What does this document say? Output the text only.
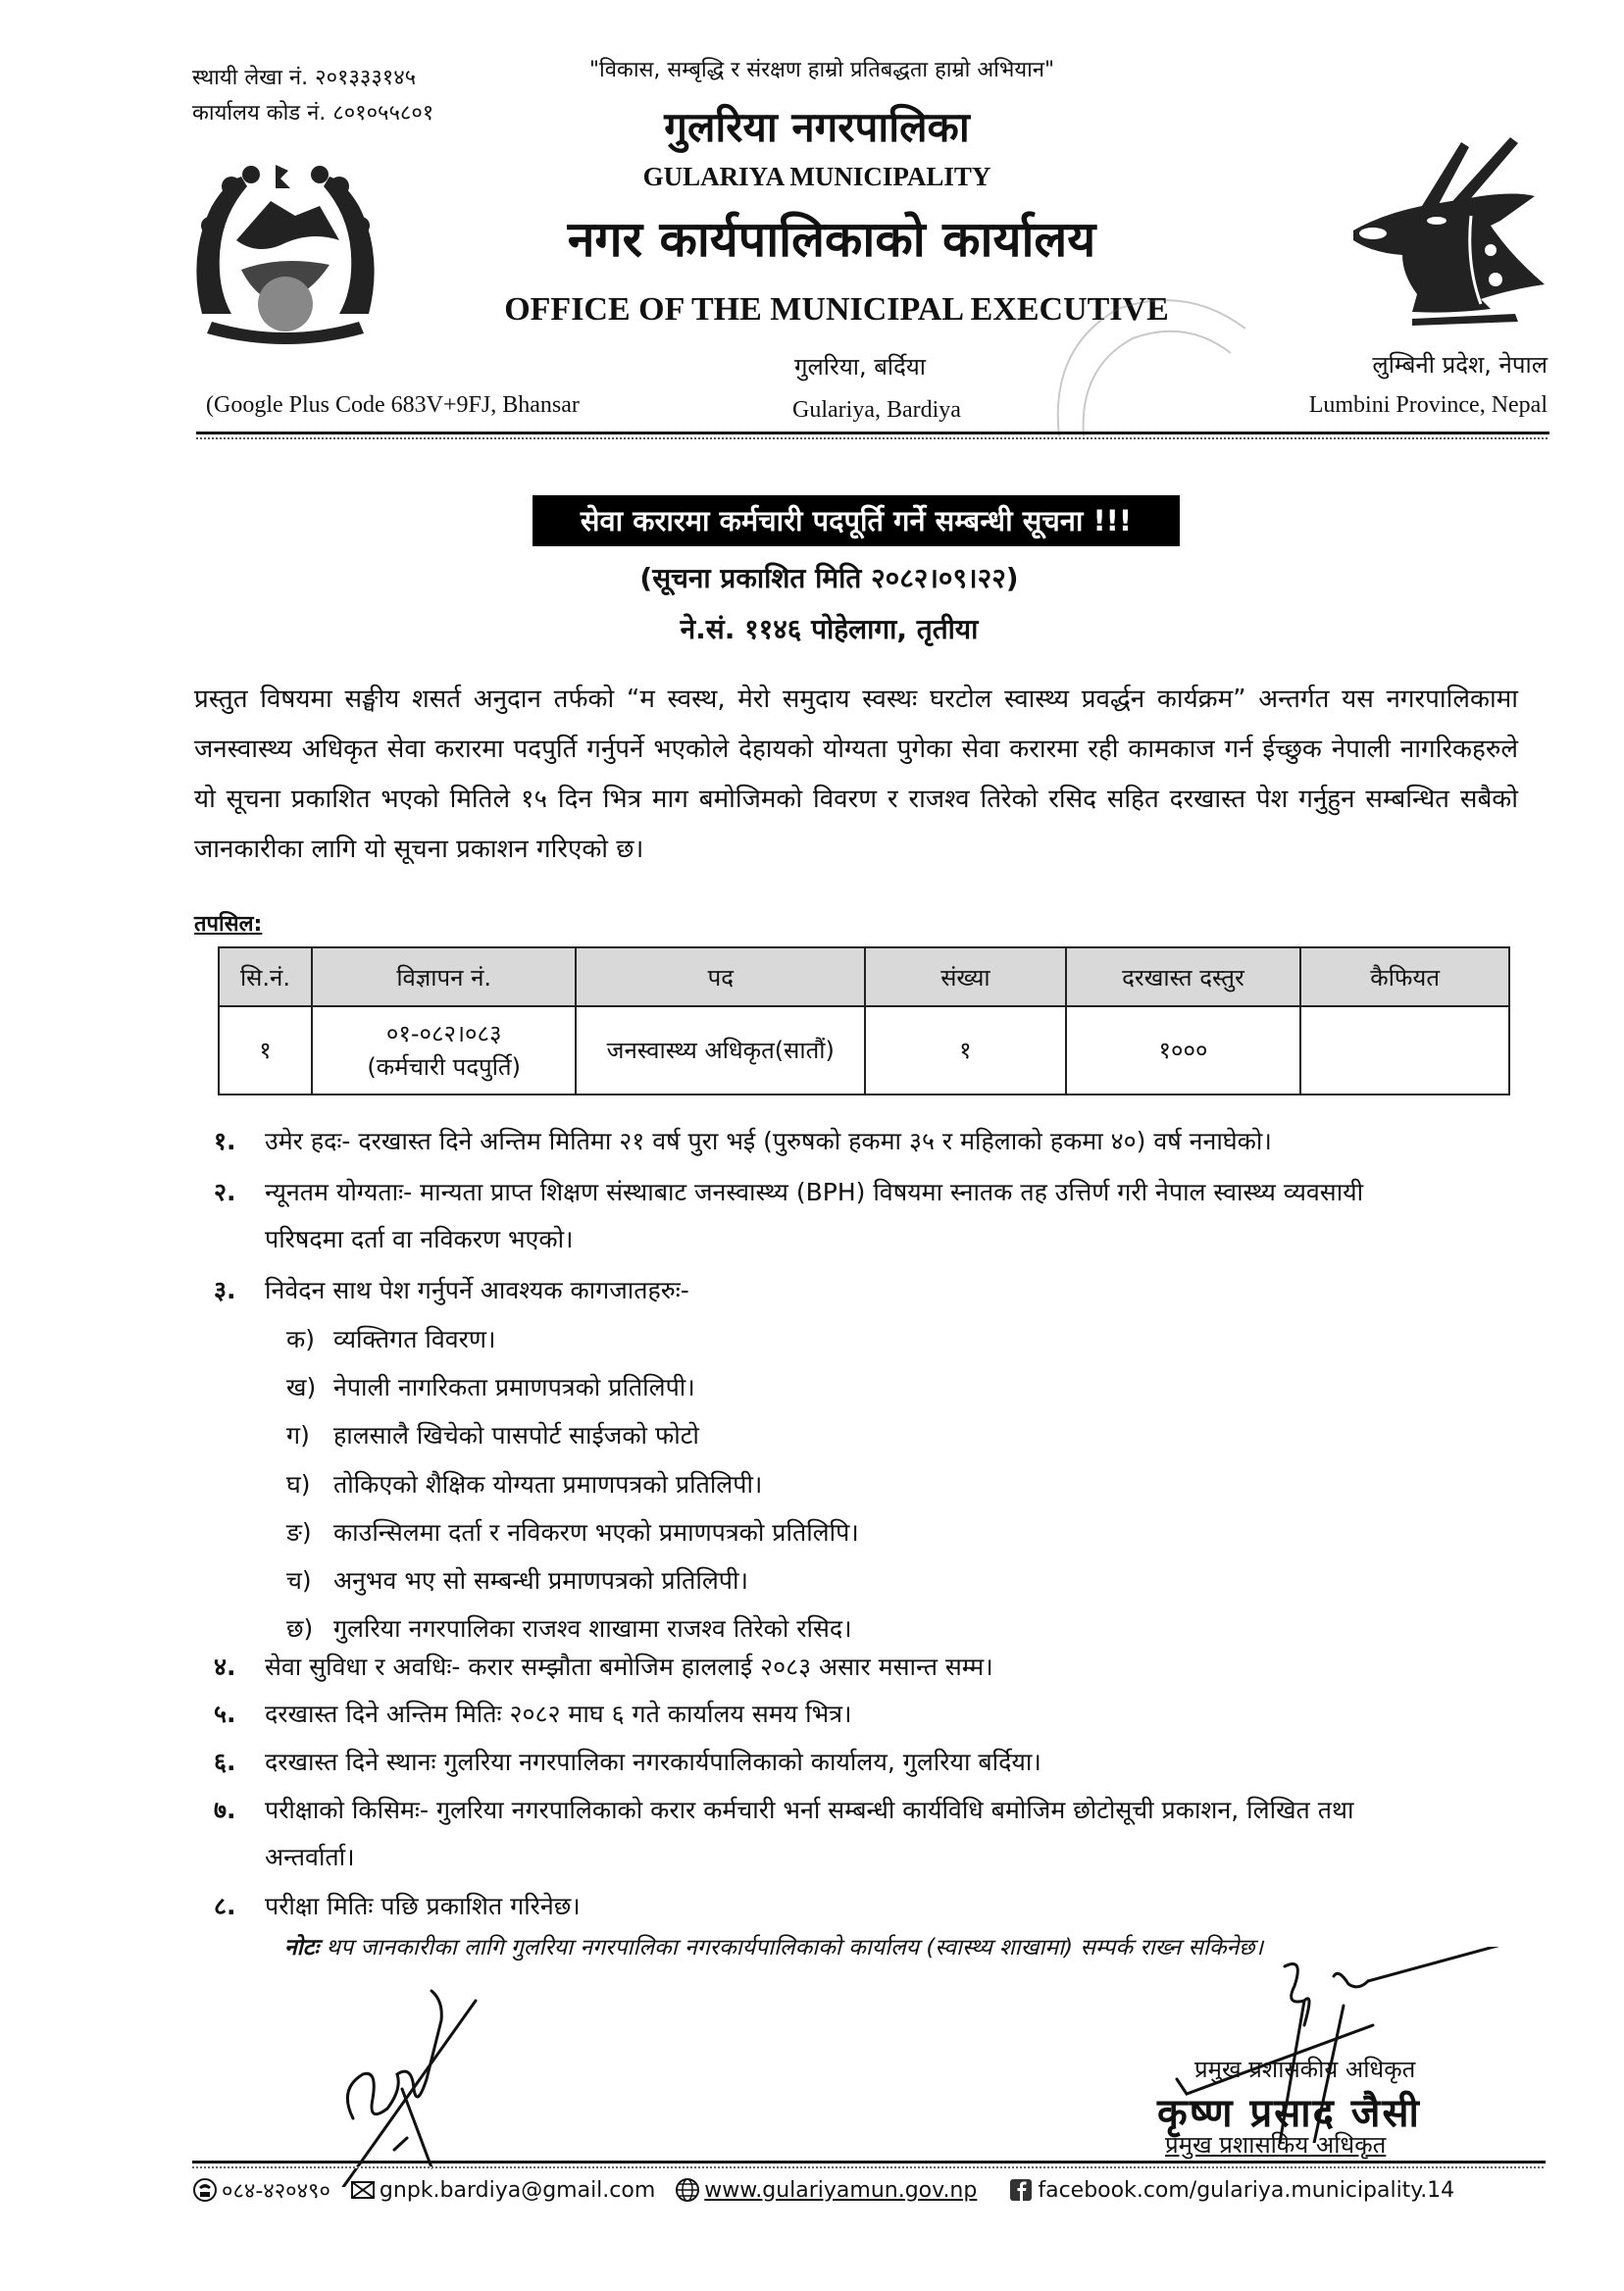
स्थायी लेखा नं. २०१३३३१४५
कार्यालय कोड नं. ८०१०५५८०१
"विकास, सम्बृद्धि र संरक्षण हाम्रो प्रतिबद्धता हाम्रो अभियान"
गुलरिया नगरपालिका
GULARIYA MUNICIPALITY
नगर कार्यपालिकाको कार्यालय
OFFICE OF THE MUNICIPAL EXECUTIVE
गुलरिया, बर्दिया
Gulariya, Bardiya
(Google Plus Code 683V+9FJ, Bhansar
लुम्बिनी प्रदेश, नेपाल
Lumbini Province, Nepal
सेवा करारमा कर्मचारी पदपूर्ति गर्ने सम्बन्धी सूचना !!!
(सूचना प्रकाशित मिति २०८२।०९।२२)
ने.सं. ११४६ पोहेलागा, तृतीया
प्रस्तुत विषयमा सङ्घीय शसर्त अनुदान तर्फको “म स्वस्थ, मेरो समुदाय स्वस्थः घरटोल स्वास्थ्य प्रवर्द्धन कार्यक्रम” अन्तर्गत यस नगरपालिकामा जनस्वास्थ्य अधिकृत सेवा करारमा पदपुर्ति गर्नुपर्ने भएकोले देहायको योग्यता पुगेका सेवा करारमा रही कामकाज गर्न ईच्छुक नेपाली नागरिकहरुले यो सूचना प्रकाशित भएको मितिले १५ दिन भित्र माग बमोजिमको विवरण र राजश्व तिरेको रसिद सहित दरखास्त पेश गर्नुहुन सम्बन्धित सबैको जानकारीका लागि यो सूचना प्रकाशन गरिएको छ।
तपसिल:
सि.नं.	विज्ञापन नं.	पद	संख्या	दरखास्त दस्तुर	कैफियत
१	०१-०८२।०८३
(कर्मचारी पदपुर्ति)	जनस्वास्थ्य अधिकृत(सातौं)	१	१०००	
१.	उमेर हदः- दरखास्त दिने अन्तिम मितिमा २१ वर्ष पुरा भई (पुरुषको हकमा ३५ र महिलाको हकमा ४०) वर्ष ननाघेको।
२.	न्यूनतम योग्यताः- मान्यता प्राप्त शिक्षण संस्थाबाट जनस्वास्थ्य (BPH) विषयमा स्नातक तह उत्तिर्ण गरी नेपाल स्वास्थ्य व्यवसायी
परिषदमा दर्ता वा नविकरण भएको।
३.	निवेदन साथ पेश गर्नुपर्ने आवश्यक कागजातहरुः-
क) व्यक्तिगत विवरण।
ख) नेपाली नागरिकता प्रमाणपत्रको प्रतिलिपी।
ग) हालसालै खिचेको पासपोर्ट साईजको फोटो
घ) तोकिएको शैक्षिक योग्यता प्रमाणपत्रको प्रतिलिपी।
ङ) काउन्सिलमा दर्ता र नविकरण भएको प्रमाणपत्रको प्रतिलिपि।
च) अनुभव भए सो सम्बन्धी प्रमाणपत्रको प्रतिलिपी।
छ) गुलरिया नगरपालिका राजश्व शाखामा राजश्व तिरेको रसिद।
४.	सेवा सुविधा र अवधिः- करार सम्झौता बमोजिम हाललाई २०८३ असार मसान्त सम्म।
५.	दरखास्त दिने अन्तिम मितिः २०८२ माघ ६ गते कार्यालय समय भित्र।
६.	दरखास्त दिने स्थानः गुलरिया नगरपालिका नगरकार्यपालिकाको कार्यालय, गुलरिया बर्दिया।
७.	परीक्षाको किसिमः- गुलरिया नगरपालिकाको करार कर्मचारी भर्ना सम्बन्धी कार्यविधि बमोजिम छोटोसूची प्रकाशन, लिखित तथा
अन्तर्वार्ता।
८.	परीक्षा मितिः पछि प्रकाशित गरिनेछ।
नोटः थप जानकारीका लागि गुलरिया नगरपालिका नगरकार्यपालिकाको कार्यालय (स्वास्थ्य शाखामा) सम्पर्क राख्न सकिनेछ।
प्रमुख प्रशासकीय अधिकृत
कृष्ण प्रसाद जैसी
प्रमुख प्रशासकिय अधिकृत
०८४-४२०४९० gnpk.bardiya@gmail.com www.gulariyamun.gov.np	facebook.com/gulariya.municipality.14
